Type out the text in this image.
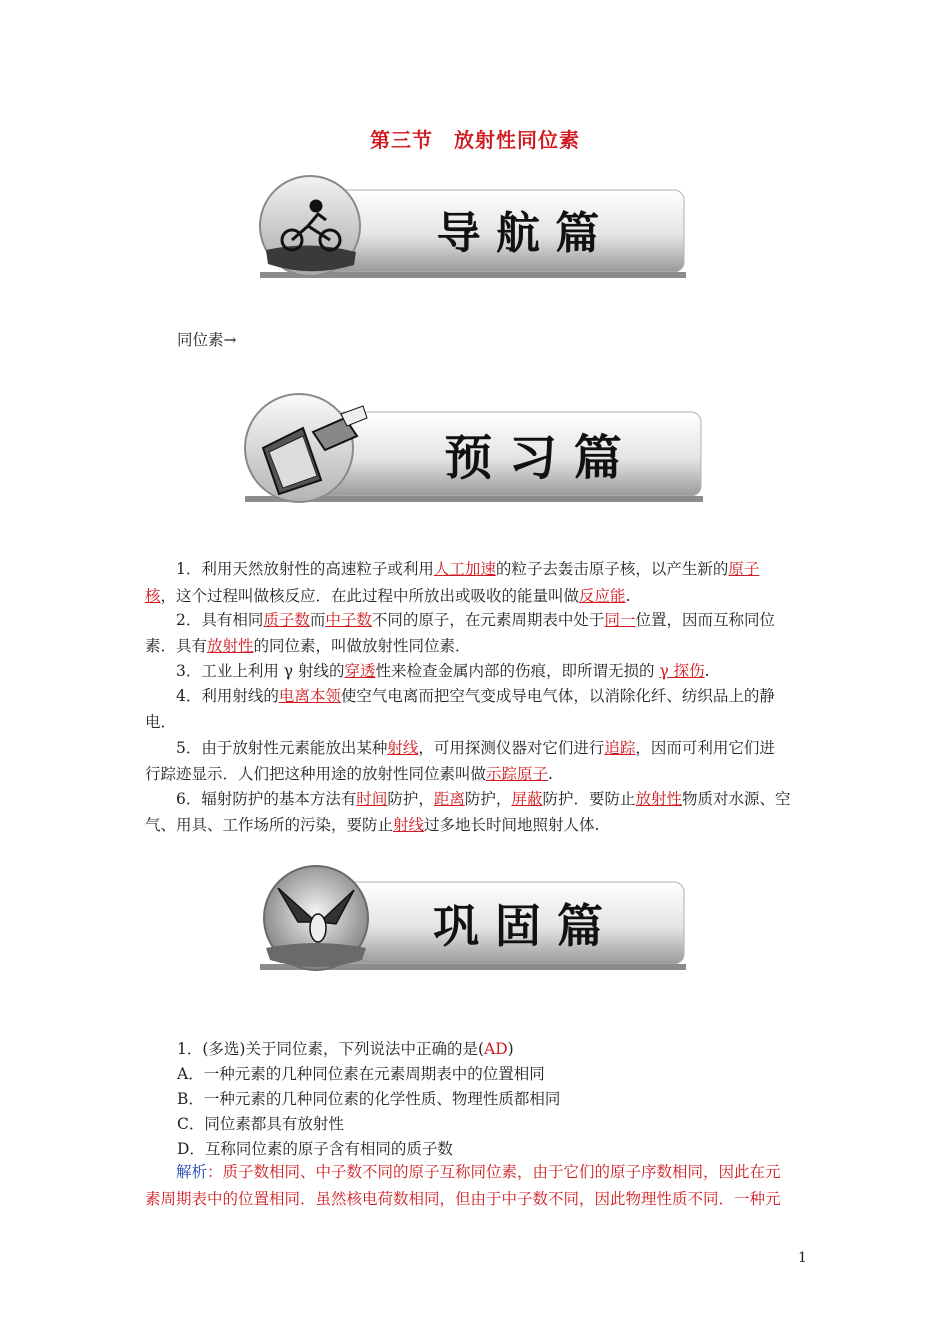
第三节　放射性同位素
导 航 篇
同位素→
预 习 篇
1．利用天然放射性的高速粒子或利用人工加速的粒子去轰击原子核，以产生新的原子
核，这个过程叫做核反应．在此过程中所放出或吸收的能量叫做反应能.
2．具有相同质子数而中子数不同的原子，在元素周期表中处于同一位置，因而互称同位
素．具有放射性的同位素，叫做放射性同位素．
3．工业上利用 γ 射线的穿透性来检查金属内部的伤痕，即所谓无损的 γ 探伤.
4．利用射线的电离本领使空气电离而把空气变成导电气体，以消除化纤、纺织品上的静
电．
5．由于放射性元素能放出某种射线，可用探测仪器对它们进行追踪，因而可利用它们进
行踪迹显示．人们把这种用途的放射性同位素叫做示踪原子.
6．辐射防护的基本方法有时间防护，距离防护，屏蔽防护．要防止放射性物质对水源、空
气、用具、工作场所的污染，要防止射线过多地长时间地照射人体.
巩 固 篇
1．(多选)关于同位素，下列说法中正确的是(AD)
A．一种元素的几种同位素在元素周期表中的位置相同
B．一种元素的几种同位素的化学性质、物理性质都相同
C．同位素都具有放射性
D．互称同位素的原子含有相同的质子数
解析：质子数相同、中子数不同的原子互称同位素，由于它们的原子序数相同，因此在元
素周期表中的位置相同．虽然核电荷数相同，但由于中子数不同，因此物理性质不同．一种元
1
